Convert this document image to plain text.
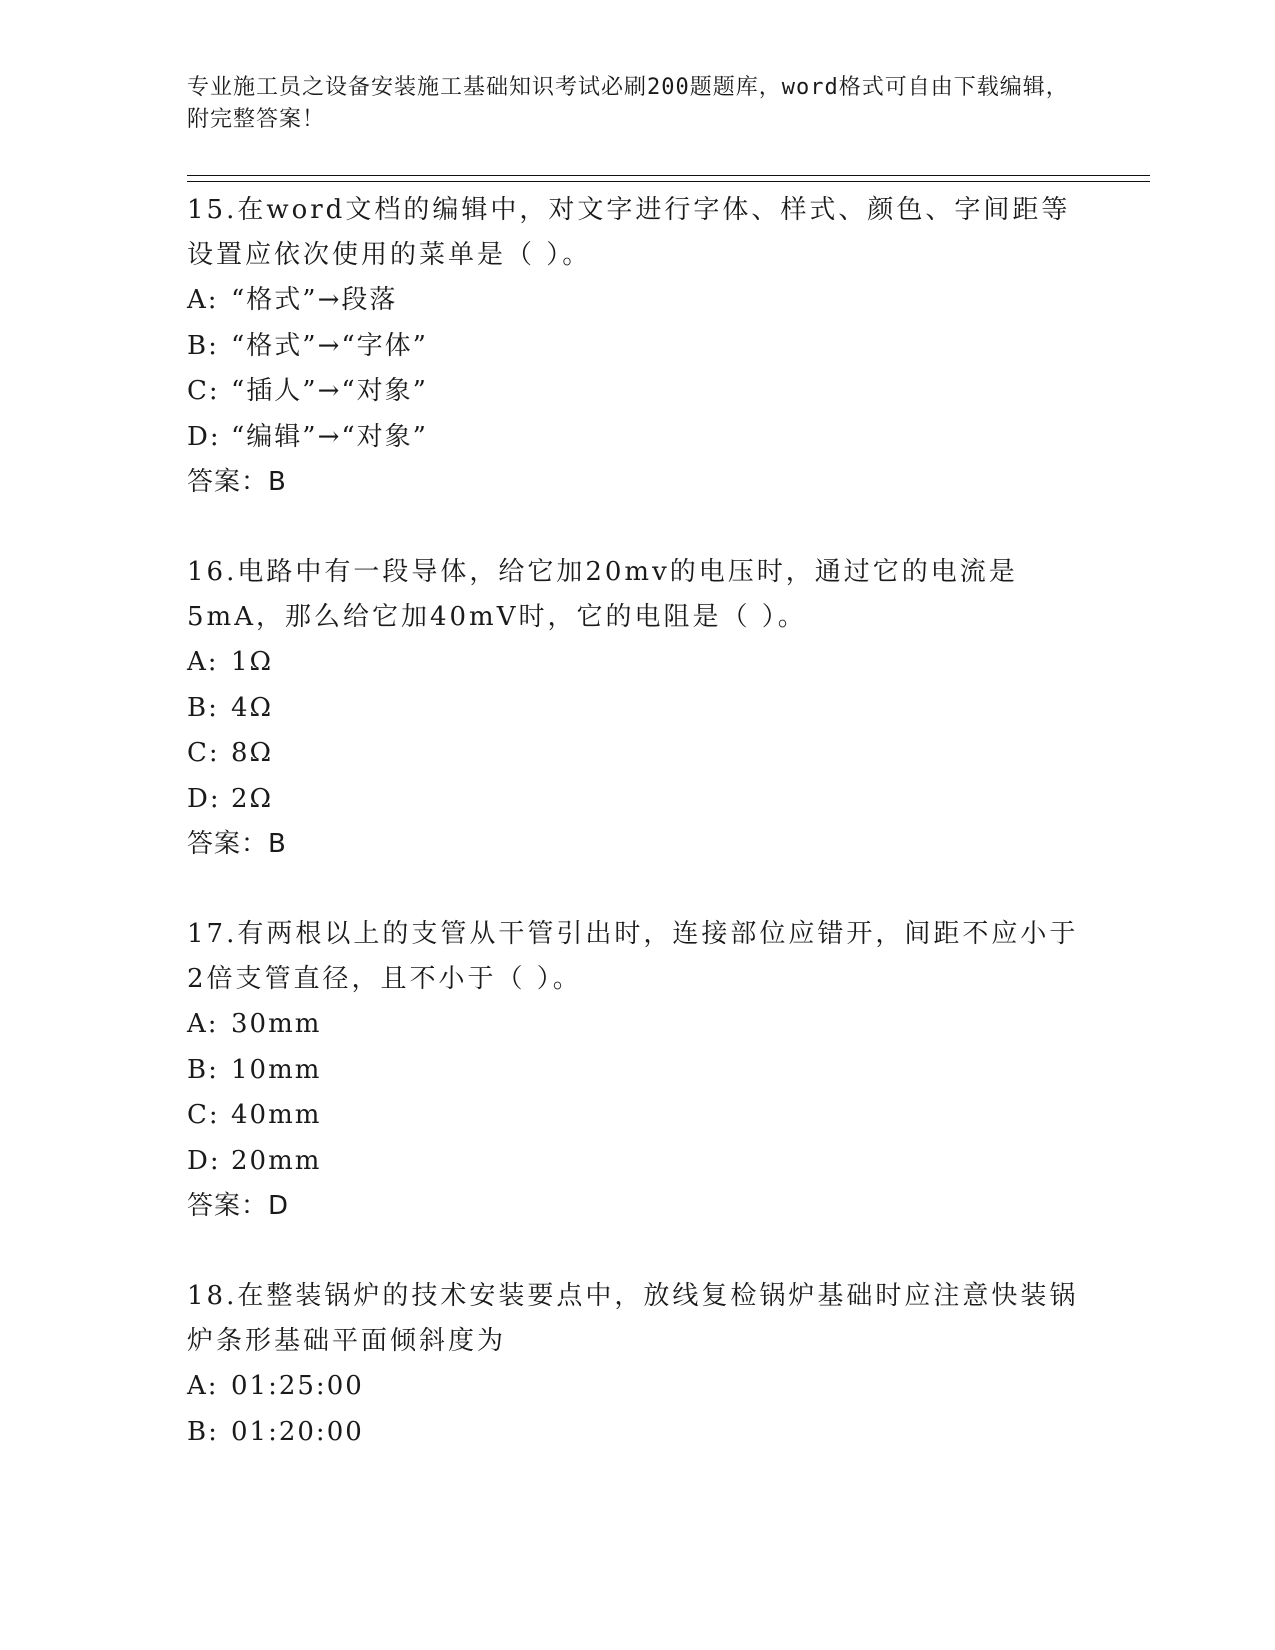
专业施工员之设备安装施工基础知识考试必刷200题题库，word格式可自由下载编辑，附完整答案！
15.在word文档的编辑中，对文字进行字体、样式、颜色、字间距等设置应依次使用的菜单是（ ）。
A: “格式”→段落
B: “格式”→“字体”
C: “插人”→“对象”
D: “编辑”→“对象”
答案：B
16.电路中有一段导体，给它加20mv的电压时，通过它的电流是5mA，那么给它加40mV时，它的电阻是（ ）。
A: 1Ω
B: 4Ω
C: 8Ω
D: 2Ω
答案：B
17.有两根以上的支管从干管引出时，连接部位应错开，间距不应小于2倍支管直径，且不小于（ ）。
A: 30mm
B: 10mm
C: 40mm
D: 20mm
答案：D
18.在整装锅炉的技术安装要点中，放线复检锅炉基础时应注意快装锅炉条形基础平面倾斜度为
A: 01:25:00
B: 01:20:00
